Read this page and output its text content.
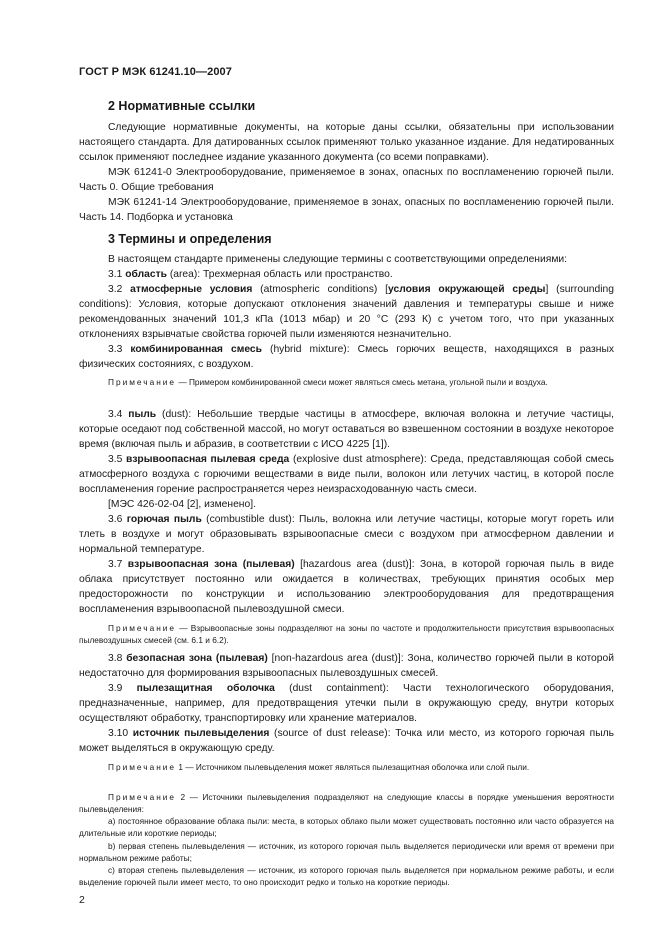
ГОСТ Р МЭК 61241.10—2007
2 Нормативные ссылки
Следующие нормативные документы, на которые даны ссылки, обязательны при использовании настоящего стандарта. Для датированных ссылок применяют только указанное издание. Для недатированных ссылок применяют последнее издание указанного документа (со всеми поправками).
МЭК 61241-0 Электрооборудование, применяемое в зонах, опасных по воспламенению горючей пыли. Часть 0. Общие требования
МЭК 61241-14 Электрооборудование, применяемое в зонах, опасных по воспламенению горючей пыли. Часть 14. Подборка и установка
3 Термины и определения
В настоящем стандарте применены следующие термины с соответствующими определениями:
3.1 область (area): Трехмерная область или пространство.
3.2 атмосферные условия (atmospheric conditions) [условия окружающей среды] (surrounding conditions): Условия, которые допускают отклонения значений давления и температуры свыше и ниже рекомендованных значений 101,3 кПа (1013 мбар) и 20 °C (293 К) с учетом того, что при указанных отклонениях взрывчатые свойства горючей пыли изменяются незначительно.
3.3 комбинированная смесь (hybrid mixture): Смесь горючих веществ, находящихся в разных физических состояниях, с воздухом.
Примечание — Примером комбинированной смеси может являться смесь метана, угольной пыли и воздуха.
3.4 пыль (dust): Небольшие твердые частицы в атмосфере, включая волокна и летучие частицы, которые оседают под собственной массой, но могут оставаться во взвешенном состоянии в воздухе некоторое время (включая пыль и абразив, в соответствии с ИСО 4225 [1]).
3.5 взрывоопасная пылевая среда (explosive dust atmosphere): Среда, представляющая собой смесь атмосферного воздуха с горючими веществами в виде пыли, волокон или летучих частиц, в которой после воспламенения горение распространяется через неизрасходованную часть смеси.
[МЭС 426-02-04 [2], изменено].
3.6 горючая пыль (combustible dust): Пыль, волокна или летучие частицы, которые могут гореть или тлеть в воздухе и могут образовывать взрывоопасные смеси с воздухом при атмосферном давлении и нормальной температуре.
3.7 взрывоопасная зона (пылевая) [hazardous area (dust)]: Зона, в которой горючая пыль в виде облака присутствует постоянно или ожидается в количествах, требующих принятия особых мер предосторожности по конструкции и использованию электрооборудования для предотвращения воспламенения взрывоопасной пылевоздушной смеси.
Примечание — Взрывоопасные зоны подразделяют на зоны по частоте и продолжительности присутствия взрывоопасных пылевоздушных смесей (см. 6.1 и 6.2).
3.8 безопасная зона (пылевая) [non-hazardous area (dust)]: Зона, количество горючей пыли в которой недостаточно для формирования взрывоопасных пылевоздушных смесей.
3.9 пылезащитная оболочка (dust containment): Части технологического оборудования, предназначенные, например, для предотвращения утечки пыли в окружающую среду, внутри которых осуществляют обработку, транспортировку или хранение материалов.
3.10 источник пылевыделения (source of dust release): Точка или место, из которого горючая пыль может выделяться в окружающую среду.
Примечание 1 — Источником пылевыделения может являться пылезащитная оболочка или слой пыли.
Примечание 2 — Источники пылевыделения подразделяют на следующие классы в порядке уменьшения вероятности пылевыделения:
a) постоянное образование облака пыли: места, в которых облако пыли может существовать постоянно или часто образуется на длительные или короткие периоды;
b) первая степень пылевыделения — источник, из которого горючая пыль выделяется периодически или время от времени при нормальном режиме работы;
c) вторая степень пылевыделения — источник, из которого горючая пыль выделяется при нормальном режиме работы, и если выделение горючей пыли имеет место, то оно происходит редко и только на короткие периоды.
2
